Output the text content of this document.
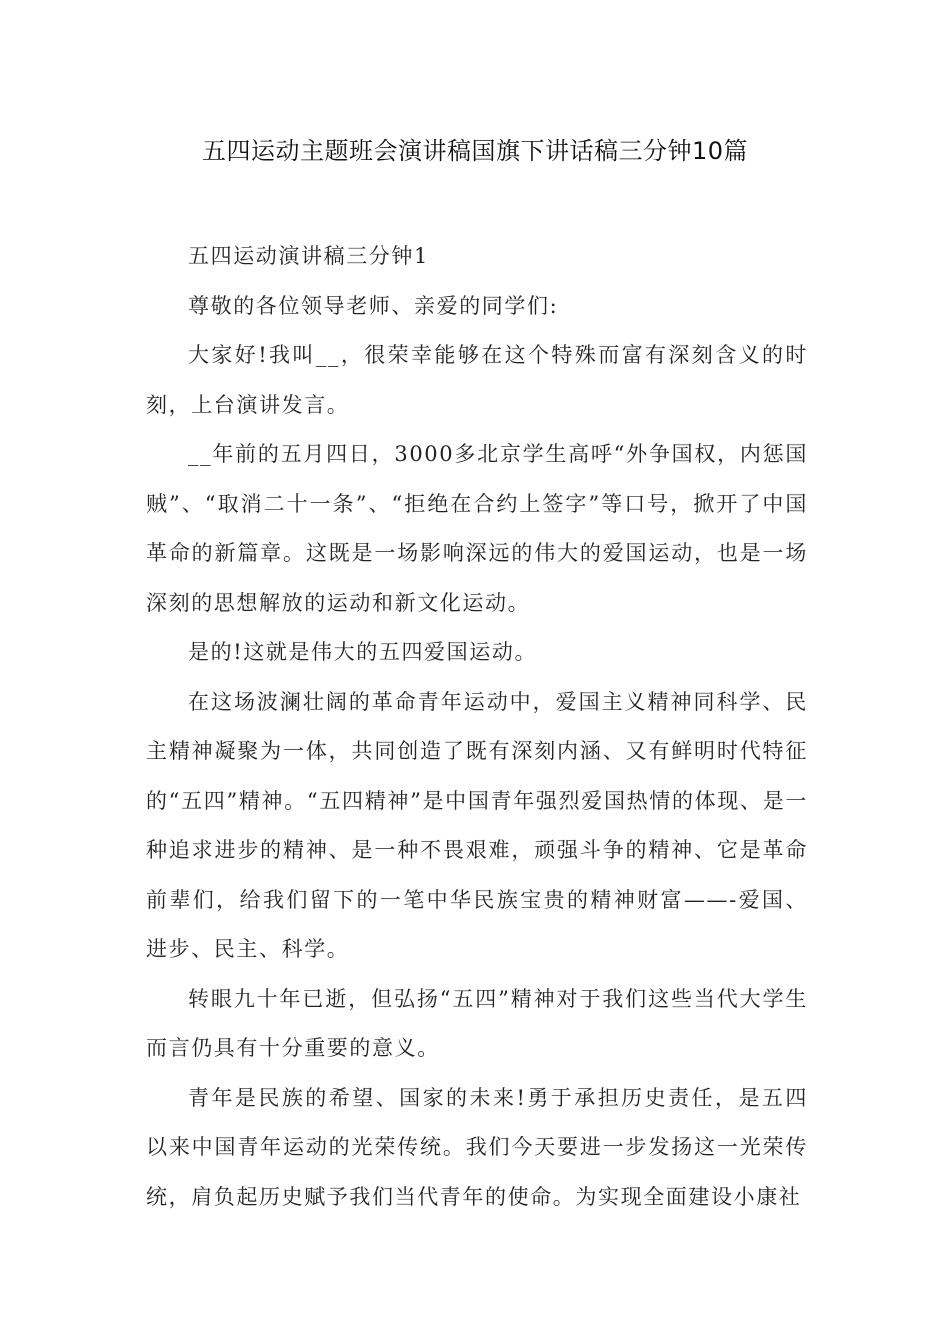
五四运动主题班会演讲稿国旗下讲话稿三分钟10篇

五四运动演讲稿三分钟1

尊敬的各位领导老师、亲爱的同学们:

大家好!我叫__，很荣幸能够在这个特殊而富有深刻含义的时刻，上台演讲发言。

__年前的五月四日，3000多北京学生高呼“外争国权，内惩国贼”、“取消二十一条”、“拒绝在合约上签字”等口号，掀开了中国革命的新篇章。这既是一场影响深远的伟大的爱国运动，也是一场深刻的思想解放的运动和新文化运动。

是的!这就是伟大的五四爱国运动。

在这场波澜壮阔的革命青年运动中，爱国主义精神同科学、民主精神凝聚为一体，共同创造了既有深刻内涵、又有鲜明时代特征的“五四”精神。“五四精神”是中国青年强烈爱国热情的体现、是一种追求进步的精神、是一种不畏艰难，顽强斗争的精神、它是革命前辈们，给我们留下的一笔中华民族宝贵的精神财富——-爱国、进步、民主、科学。

转眼九十年已逝，但弘扬“五四”精神对于我们这些当代大学生而言仍具有十分重要的意义。

青年是民族的希望、国家的未来!勇于承担历史责任，是五四以来中国青年运动的光荣传统。我们今天要进一步发扬这一光荣传统，肩负起历史赋予我们当代青年的使命。为实现全面建设小康社
